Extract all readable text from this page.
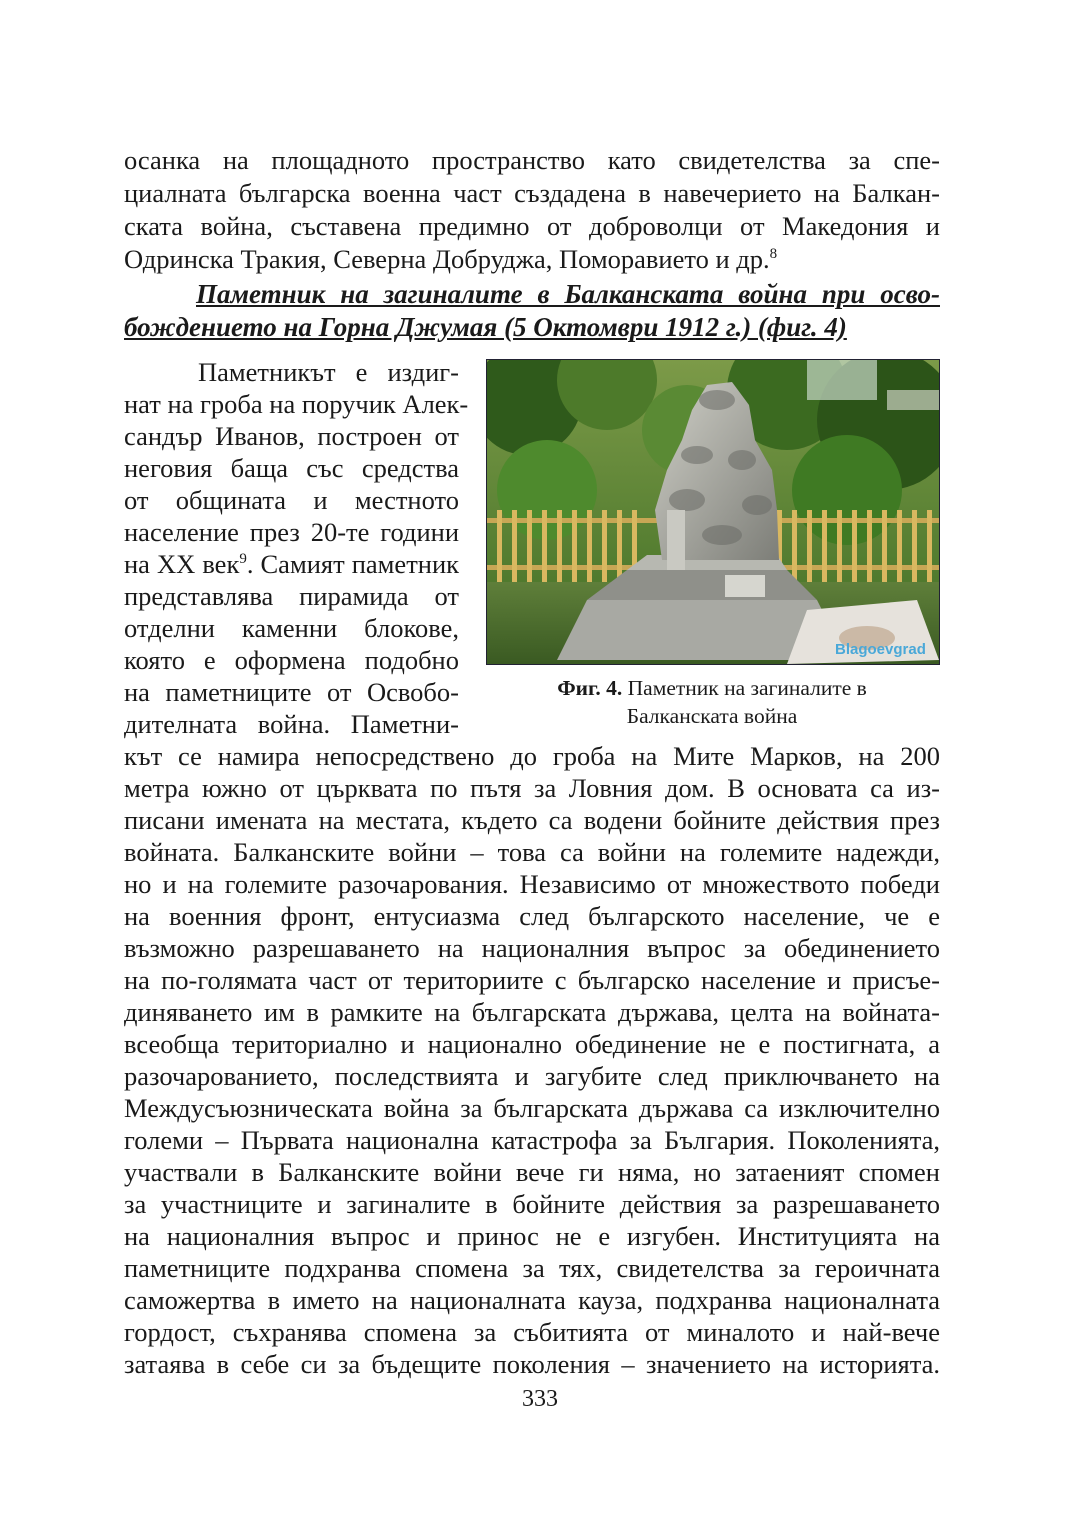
осанка на площадното пространство като свидетелства за спе-
циалната българска военна част създадена в навечерието на Балкан-
ската война, съставена предимно от доброволци от Македония и
Одринска Тракия, Северна Добруджа, Поморавието и др.$^8$
Паметник на загиналите в Балканската война при осво-
бождението на Горна Джумая (5 Октомври 1912 г.) (фиг. 4)
Паметникът е издиг-
нат на гроба на поручик Алек-
сандър Иванов, построен от
неговия баща със средства
от общината и местното
население през 20-те години
на XX век$^9$. Самият паметник
представлява пирамида от
отделни каменни блокове,
която е оформена подобно
на паметниците от Освобо-
дителната война. Паметни-
Blagoevgrad
Фиг. 4. Паметник на загиналите в
Балканската война
кът се намира непосредствено до гроба на Мите Марков, на 200
метра южно от църквата по пътя за Ловния дом. В основата са из-
писани имената на местата, където са водени бойните действия през
войната. Балканските войни – това са войни на големите надежди,
но и на големите разочарования. Независимо от множеството победи
на военния фронт, ентусиазма след българското население, че е
възможно разрешаването на националния въпрос за обединението
на по-голямата част от териториите с българско население и присъе-
диняването им в рамките на българската държава, целта на войната-
всеобща териториално и национално обединение не е постигната, а
разочарованието, последствията и загубите след приключването на
Междусъюзническата война за българската държава са изключително
големи – Първата национална катастрофа за България. Поколенията,
участвали в Балканските войни вече ги няма, но затаеният спомен
за участниците и загиналите в бойните действия за разрешаването
на националния въпрос и принос не е изгубен. Институцията на
паметниците подхранва спомена за тях, свидетелства за героичната
саможертва в името на националната кауза, подхранва националната
гордост, съхранява спомена за събитията от миналото и най-вече
затаява в себе си за бъдещите поколения – значението на историята.
333
